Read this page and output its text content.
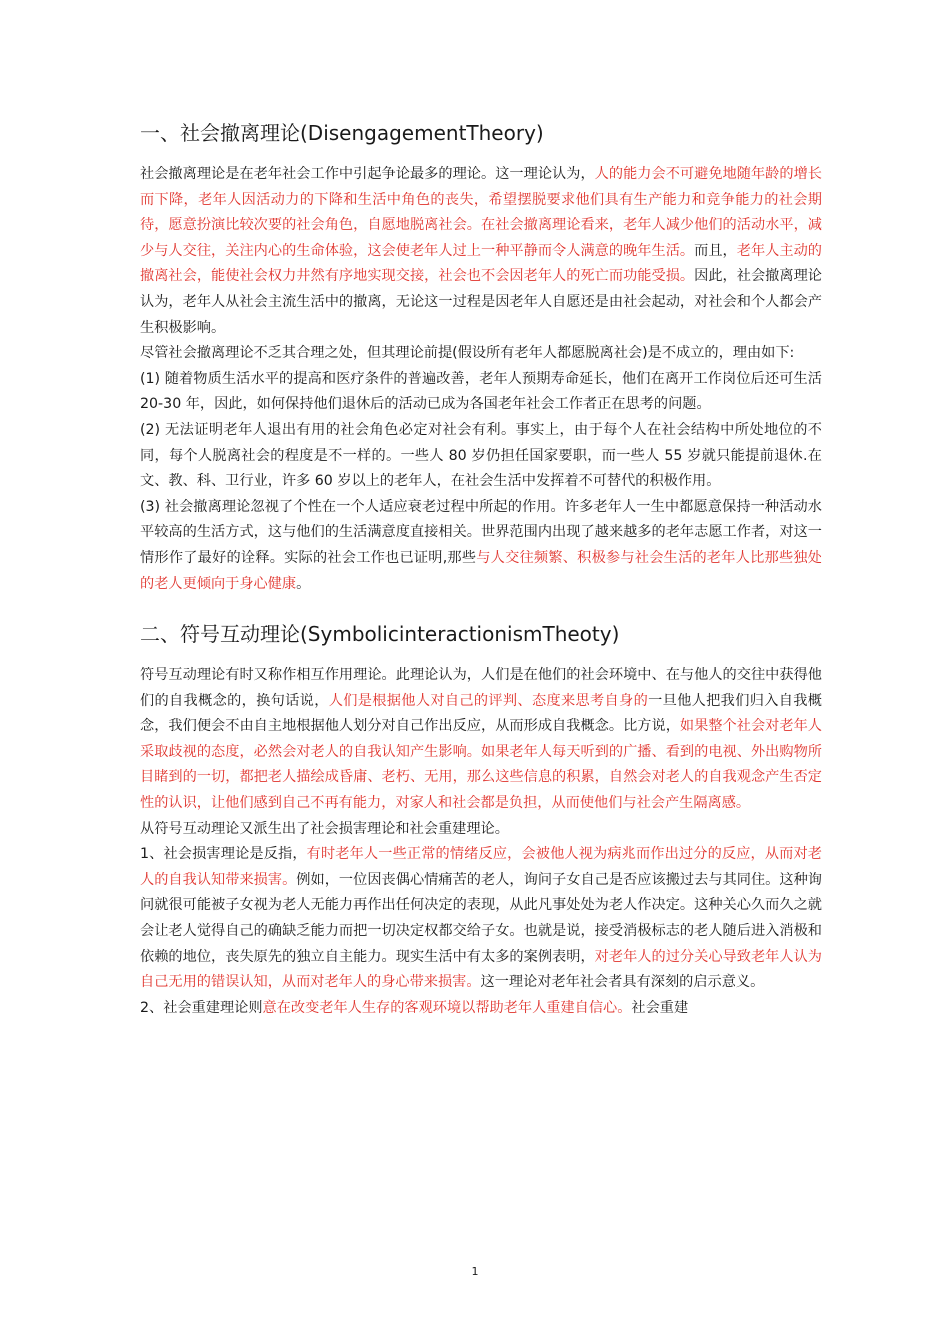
一、社会撤离理论(DisengagementTheory)

社会撤离理论是在老年社会工作中引起争论最多的理论。这一理论认为，人的能力会不可避免地随年龄的增长而下降，老年人因活动力的下降和生活中角色的丧失，希望摆脱要求他们具有生产能力和竞争能力的社会期待，愿意扮演比较次要的社会角色，自愿地脱离社会。在社会撤离理论看来，老年人减少他们的活动水平，减少与人交往，关注内心的生命体验，这会使老年人过上一种平静而令人满意的晚年生活。而且，老年人主动的撤离社会，能使社会权力井然有序地实现交接，社会也不会因老年人的死亡而功能受损。因此，社会撤离理论认为，老年人从社会主流生活中的撤离，无论这一过程是因老年人自愿还是由社会起动，对社会和个人都会产生积极影响。

尽管社会撤离理论不乏其合理之处，但其理论前提(假设所有老年人都愿脱离社会)是不成立的，理由如下:

(1) 随着物质生活水平的提高和医疗条件的普遍改善，老年人预期寿命延长，他们在离开工作岗位后还可生活 20-30 年，因此，如何保持他们退休后的活动已成为各国老年社会工作者正在思考的问题。

(2) 无法证明老年人退出有用的社会角色必定对社会有利。事实上，由于每个人在社会结构中所处地位的不同，每个人脱离社会的程度是不一样的。一些人 80 岁仍担任国家要职，而一些人 55 岁就只能提前退休.在文、教、科、卫行业，许多 60 岁以上的老年人，在社会生活中发挥着不可替代的积极作用。

(3) 社会撤离理论忽视了个性在一个人适应衰老过程中所起的作用。许多老年人一生中都愿意保持一种活动水平较高的生活方式，这与他们的生活满意度直接相关。世界范围内出现了越来越多的老年志愿工作者，对这一情形作了最好的诠释。实际的社会工作也已证明,那些与人交往频繁、积极参与社会生活的老年人比那些独处的老人更倾向于身心健康。

二、符号互动理论(SymbolicinteractionismTheoty)

符号互动理论有时又称作相互作用理论。此理论认为，人们是在他们的社会环境中、在与他人的交往中获得他们的自我概念的，换句话说，人们是根据他人对自己的评判、态度来思考自身的一旦他人把我们归入自我概念，我们便会不由自主地根据他人划分对自己作出反应，从而形成自我概念。比方说，如果整个社会对老年人采取歧视的态度，必然会对老人的自我认知产生影响。如果老年人每天听到的广播、看到的电视、外出购物所目睹到的一切，都把老人描绘成昏庸、老朽、无用，那么这些信息的积累，自然会对老人的自我观念产生否定性的认识，让他们感到自己不再有能力，对家人和社会都是负担，从而使他们与社会产生隔离感。

从符号互动理论又派生出了社会损害理论和社会重建理论。

1、社会损害理论是反指，有时老年人一些正常的情绪反应，会被他人视为病兆而作出过分的反应，从而对老人的自我认知带来损害。例如，一位因丧偶心情痛苦的老人，询问子女自己是否应该搬过去与其同住。这种询问就很可能被子女视为老人无能力再作出任何决定的表现，从此凡事处处为老人作决定。这种关心久而久之就会让老人觉得自己的确缺乏能力而把一切决定权都交给子女。也就是说，接受消极标志的老人随后进入消极和依赖的地位，丧失原先的独立自主能力。现实生活中有太多的案例表明，对老年人的过分关心导致老年人认为自己无用的错误认知，从而对老年人的身心带来损害。这一理论对老年社会者具有深刻的启示意义。

2、社会重建理论则意在改变老年人生存的客观环境以帮助老年人重建自信心。社会重建

1
